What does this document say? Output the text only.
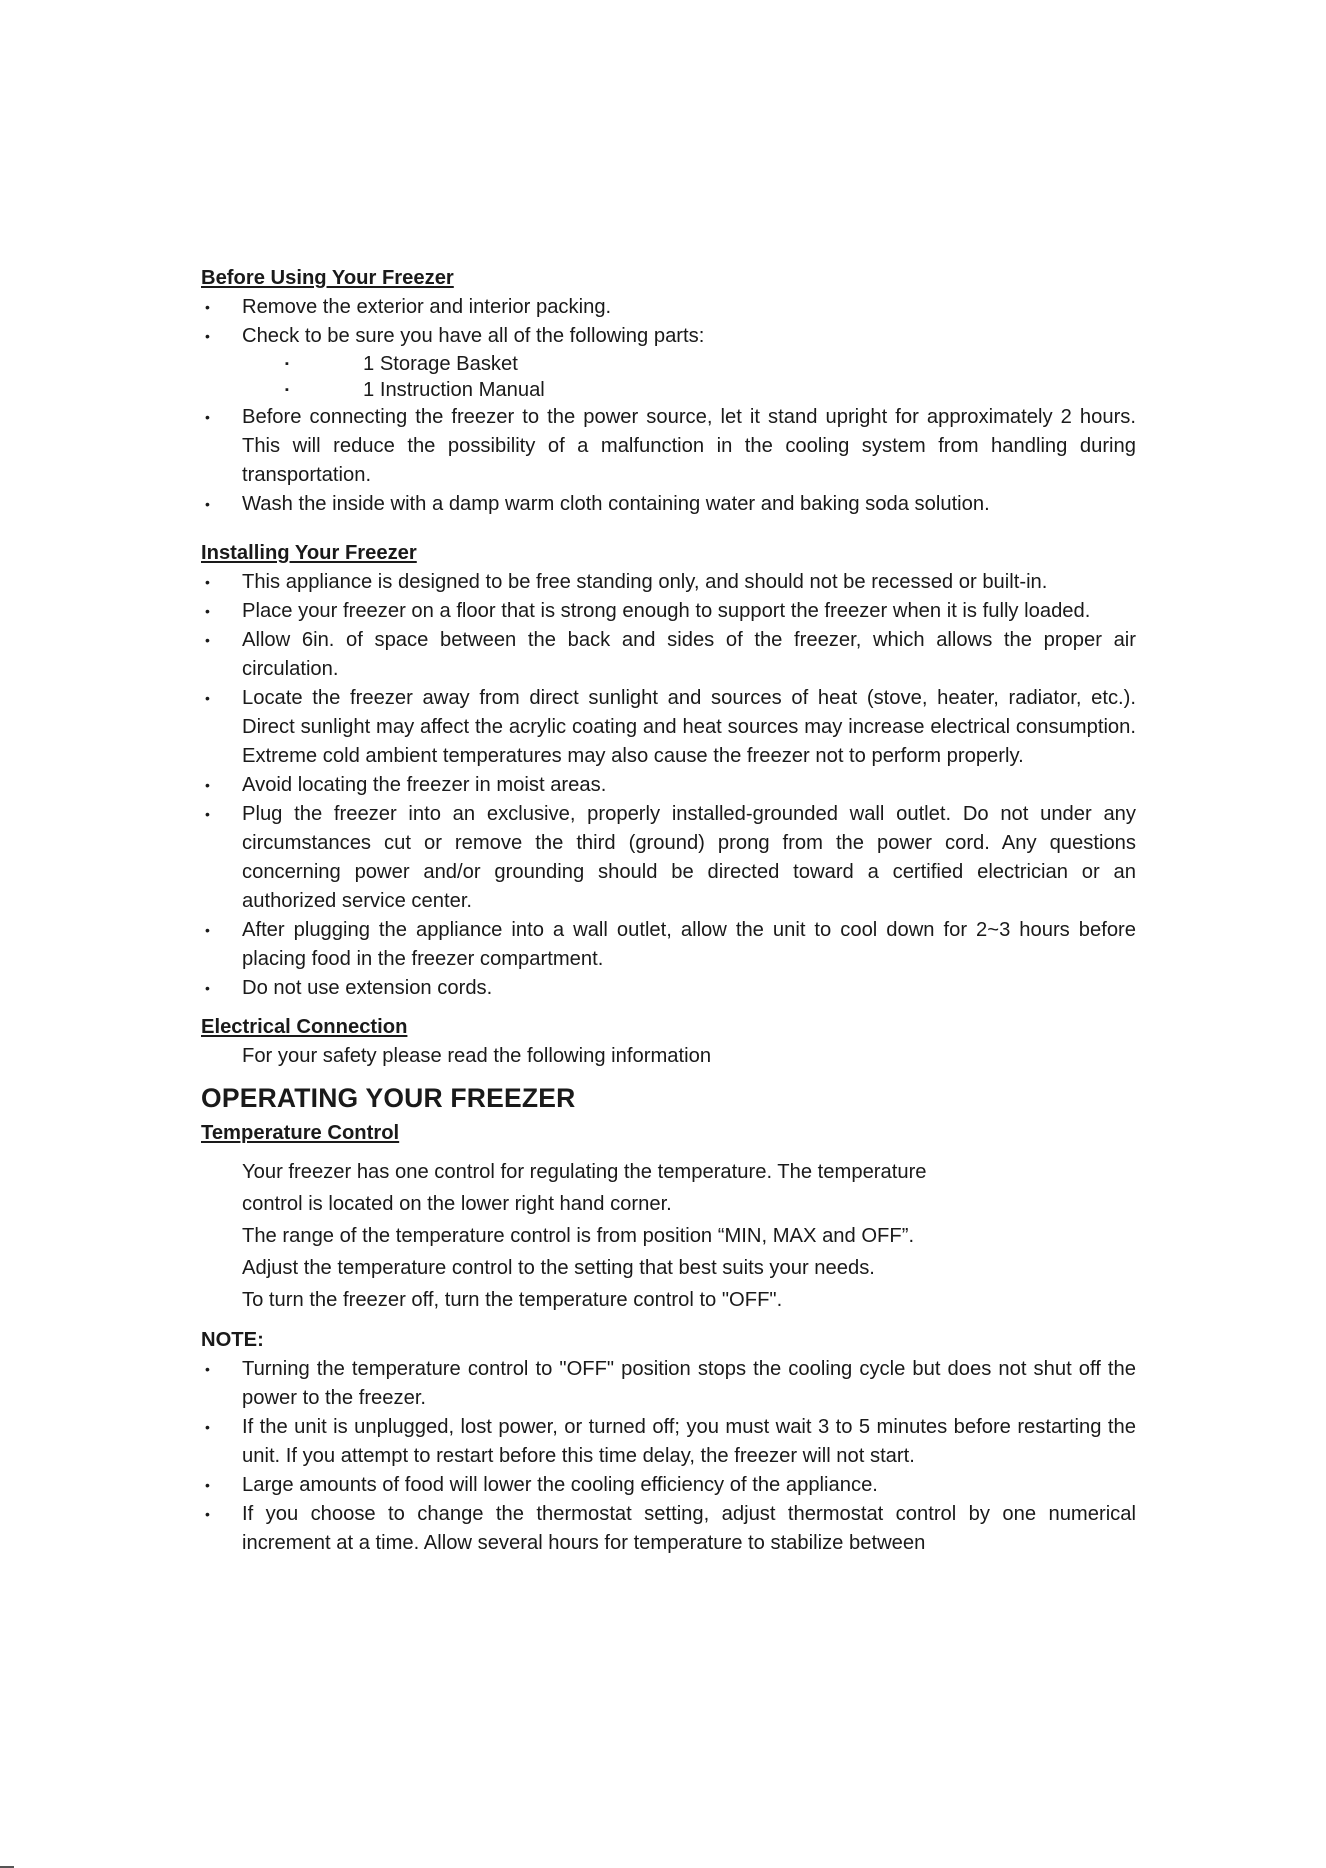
Before Using Your Freezer
• Remove the exterior and interior packing.
• Check to be sure you have all of the following parts:
▪	1 Storage Basket
▪	1 Instruction Manual
• Before connecting the freezer to the power source, let it stand upright for approximately 2 hours. This will reduce the possibility of a malfunction in the cooling system from handling during transportation.
• Wash the inside with a damp warm cloth containing water and baking soda solution.
Installing Your Freezer
• This appliance is designed to be free standing only, and should not be recessed or built-in.
• Place your freezer on a floor that is strong enough to support the freezer when it is fully loaded.
• Allow 6in. of space between the back and sides of the freezer, which allows the proper air circulation.
• Locate the freezer away from direct sunlight and sources of heat (stove, heater, radiator, etc.). Direct sunlight may affect the acrylic coating and heat sources may increase electrical consumption. Extreme cold ambient temperatures may also cause the freezer not to perform properly.
• Avoid locating the freezer in moist areas.
• Plug the freezer into an exclusive, properly installed-grounded wall outlet. Do not under any circumstances cut or remove the third (ground) prong from the power cord. Any questions concerning power and/or grounding should be directed toward a certified electrician or an authorized service center.
• After plugging the appliance into a wall outlet, allow the unit to cool down for 2~3 hours before placing food in the freezer compartment.
• Do not use extension cords.
Electrical Connection
For your safety please read the following information
OPERATING YOUR FREEZER
Temperature Control
Your freezer has one control for regulating the temperature. The temperature
control is located on the lower right hand corner.
The range of the temperature control is from position “MIN, MAX and OFF”.
Adjust the temperature control to the setting that best suits your needs.
To turn the freezer off, turn the temperature control to "OFF".
NOTE:
• Turning the temperature control to "OFF" position stops the cooling cycle but does not shut off the power to the freezer.
• If the unit is unplugged, lost power, or turned off; you must wait 3 to 5 minutes before restarting the unit. If you attempt to restart before this time delay, the freezer will not start.
• Large amounts of food will lower the cooling efficiency of the appliance.
• If you choose to change the thermostat setting, adjust thermostat control by one numerical increment at a time. Allow several hours for temperature to stabilize between
